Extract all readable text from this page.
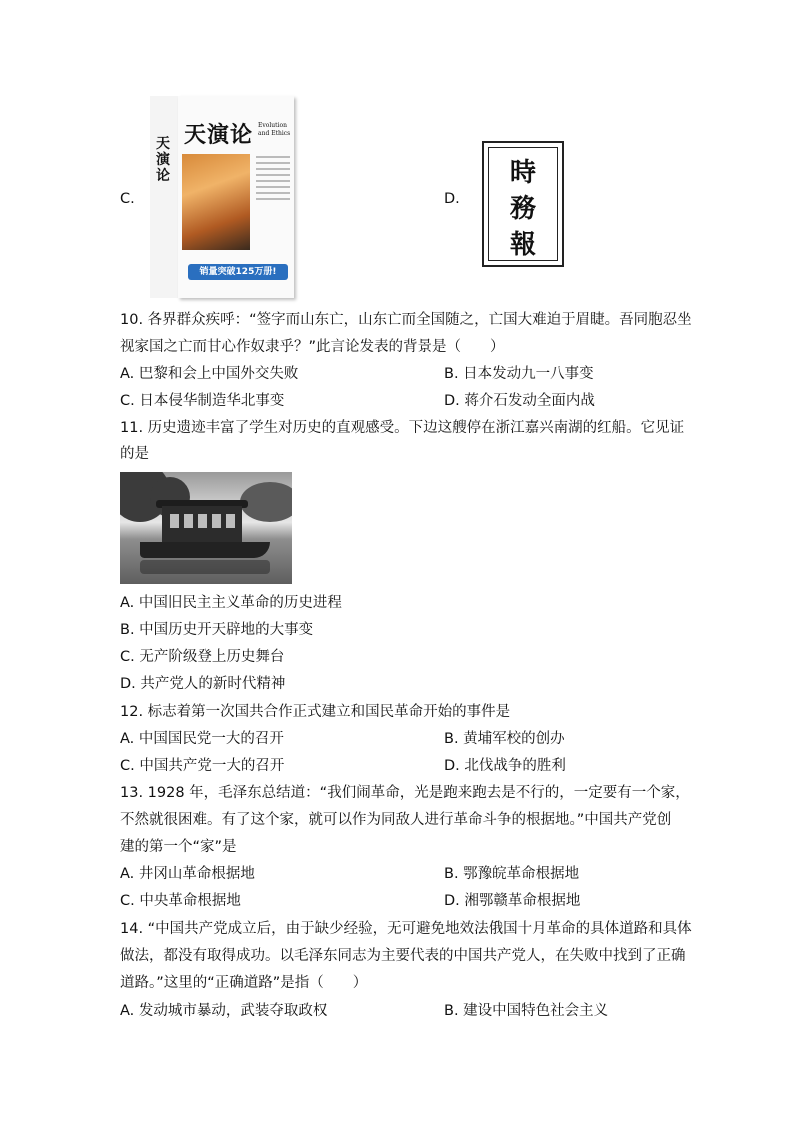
C.
天演论
天演论 Evolution and Ethics
销量突破125万册!
D.
時
務
報
10. 各界群众疾呼：“签字而山东亡，山东亡而全国随之，亡国大难迫于眉睫。吾同胞忍坐
视家国之亡而甘心作奴隶乎？”此言论发表的背景是（　　）
A. 巴黎和会上中国外交失败	B. 日本发动九一八事变
C. 日本侵华制造华北事变	D. 蒋介石发动全面内战
11. 历史遗迹丰富了学生对历史的直观感受。下边这艘停在浙江嘉兴南湖的红船。它见证
的是
A. 中国旧民主主义革命的历史进程
B. 中国历史开天辟地的大事变
C. 无产阶级登上历史舞台
D. 共产党人的新时代精神
12. 标志着第一次国共合作正式建立和国民革命开始的事件是
A. 中国国民党一大的召开	B. 黄埔军校的创办
C. 中国共产党一大的召开	D. 北伐战争的胜利
13. 1928 年，毛泽东总结道：“我们闹革命，光是跑来跑去是不行的，一定要有一个家，
不然就很困难。有了这个家，就可以作为同敌人进行革命斗争的根据地。”中国共产党创
建的第一个“家”是
A. 井冈山革命根据地	B. 鄂豫皖革命根据地
C. 中央革命根据地	D. 湘鄂赣革命根据地
14. “中国共产党成立后，由于缺少经验，无可避免地效法俄国十月革命的具体道路和具体
做法，都没有取得成功。以毛泽东同志为主要代表的中国共产党人，在失败中找到了正确
道路。”这里的“正确道路”是指（　　）
A. 发动城市暴动，武装夺取政权	B. 建设中国特色社会主义
